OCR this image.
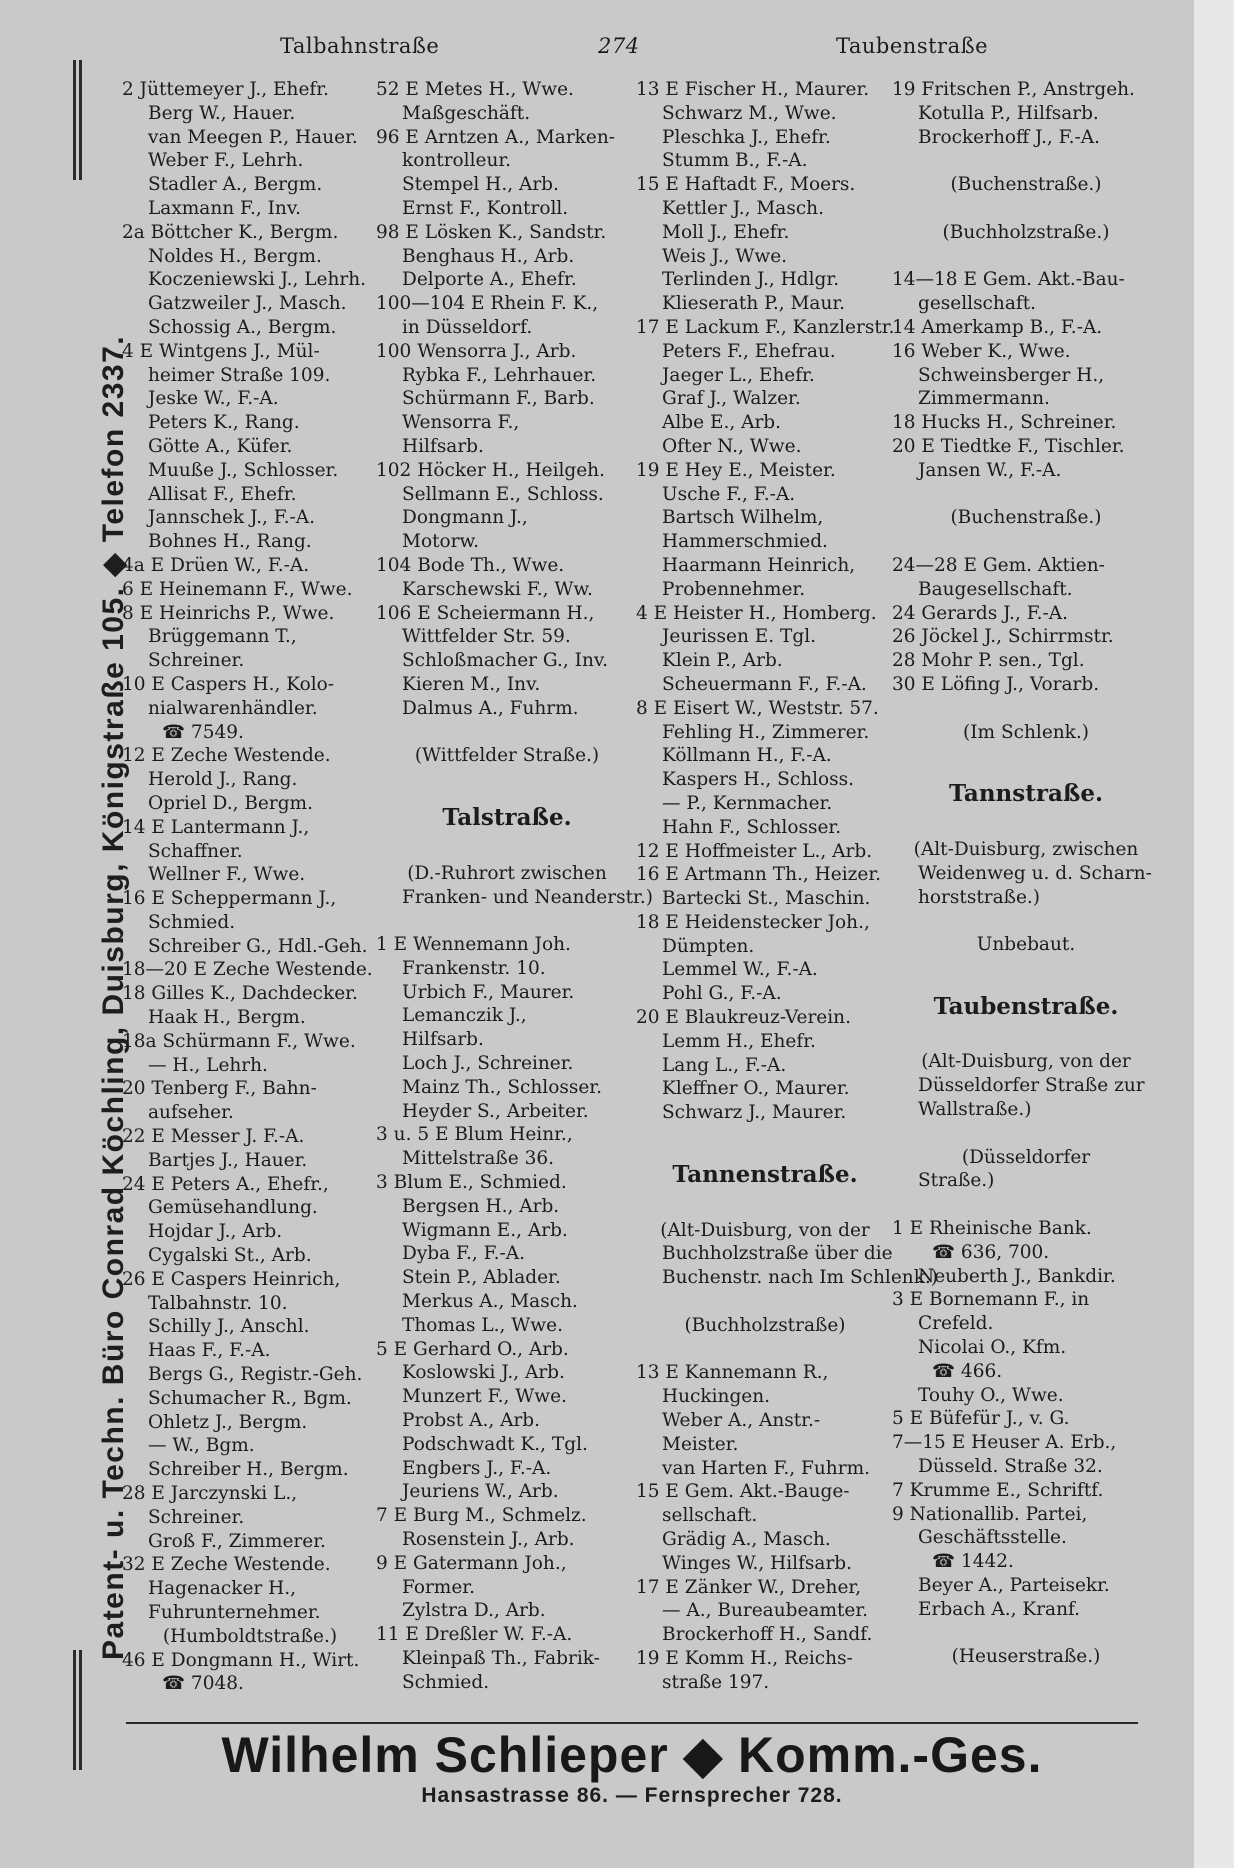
Talbahnstraße	274	Taubenstraße
Patent- u. Techn. Büro Conrad Köchling, Duisburg, Königstraße 105. ◆ Telefon 2337.
2 Jüttemeyer J., Ehefr.
Berg W., Hauer.
van Meegen P., Hauer.
Weber F., Lehrh.
Stadler A., Bergm.
Laxmann F., Inv.
2a Böttcher K., Bergm.
Noldes H., Bergm.
Koczeniewski J., Lehrh.
Gatzweiler J., Masch.
Schossig A., Bergm.
4 E Wintgens J., Mül-
heimer Straße 109.
Jeske W., F.-A.
Peters K., Rang.
Götte A., Küfer.
Muuße J., Schlosser.
Allisat F., Ehefr.
Jannschek J., F.-A.
Bohnes H., Rang.
4a E Drüen W., F.-A.
6 E Heinemann F., Wwe.
8 E Heinrichs P., Wwe.
Brüggemann T.,
Schreiner.
10 E Caspers H., Kolo-
nialwarenhändler.
☎ 7549.
12 E Zeche Westende.
Herold J., Rang.
Opriel D., Bergm.
14 E Lantermann J.,
Schaffner.
Wellner F., Wwe.
16 E Scheppermann J.,
Schmied.
Schreiber G., Hdl.-Geh.
18—20 E Zeche Westende.
18 Gilles K., Dachdecker.
Haak H., Bergm.
18a Schürmann F., Wwe.
— H., Lehrh.
20 Tenberg F., Bahn-
aufseher.
22 E Messer J. F.-A.
Bartjes J., Hauer.
24 E Peters A., Ehefr.,
Gemüsehandlung.
Hojdar J., Arb.
Cygalski St., Arb.
26 E Caspers Heinrich,
Talbahnstr. 10.
Schilly J., Anschl.
Haas F., F.-A.
Bergs G., Registr.-Geh.
Schumacher R., Bgm.
Ohletz J., Bergm.
— W., Bgm.
Schreiber H., Bergm.
28 E Jarczynski L.,
Schreiner.
Groß F., Zimmerer.
32 E Zeche Westende.
Hagenacker H.,
Fuhrunternehmer.
(Humboldtstraße.)
46 E Dongmann H., Wirt.
☎ 7048.
52 E Metes H., Wwe.
Maßgeschäft.
96 E Arntzen A., Marken-
kontrolleur.
Stempel H., Arb.
Ernst F., Kontroll.
98 E Lösken K., Sandstr.
Benghaus H., Arb.
Delporte A., Ehefr.
100—104 E Rhein F. K.,
in Düsseldorf.
100 Wensorra J., Arb.
Rybka F., Lehrhauer.
Schürmann F., Barb.
Wensorra F.,
Hilfsarb.
102 Höcker H., Heilgeh.
Sellmann E., Schloss.
Dongmann J.,
Motorw.
104 Bode Th., Wwe.
Karschewski F., Ww.
106 E Scheiermann H.,
Wittfelder Str. 59.
Schloßmacher G., Inv.
Kieren M., Inv.
Dalmus A., Fuhrm.
(Wittfelder Straße.)
Talstraße.
(D.-Ruhrort zwischen
Franken- und Neanderstr.)
1 E Wennemann Joh.
Frankenstr. 10.
Urbich F., Maurer.
Lemanczik J.,
Hilfsarb.
Loch J., Schreiner.
Mainz Th., Schlosser.
Heyder S., Arbeiter.
3 u. 5 E Blum Heinr.,
Mittelstraße 36.
3 Blum E., Schmied.
Bergsen H., Arb.
Wigmann E., Arb.
Dyba F., F.-A.
Stein P., Ablader.
Merkus A., Masch.
Thomas L., Wwe.
5 E Gerhard O., Arb.
Koslowski J., Arb.
Munzert F., Wwe.
Probst A., Arb.
Podschwadt K., Tgl.
Engbers J., F.-A.
Jeuriens W., Arb.
7 E Burg M., Schmelz.
Rosenstein J., Arb.
9 E Gatermann Joh.,
Former.
Zylstra D., Arb.
11 E Dreßler W. F.-A.
Kleinpaß Th., Fabrik-
Schmied.
13 E Fischer H., Maurer.
Schwarz M., Wwe.
Pleschka J., Ehefr.
Stumm B., F.-A.
15 E Haftadt F., Moers.
Kettler J., Masch.
Moll J., Ehefr.
Weis J., Wwe.
Terlinden J., Hdlgr.
Klieserath P., Maur.
17 E Lackum F., Kanzlerstr.
Peters F., Ehefrau.
Jaeger L., Ehefr.
Graf J., Walzer.
Albe E., Arb.
Ofter N., Wwe.
19 E Hey E., Meister.
Usche F., F.-A.
Bartsch Wilhelm,
Hammerschmied.
Haarmann Heinrich,
Probennehmer.
4 E Heister H., Homberg.
Jeurissen E. Tgl.
Klein P., Arb.
Scheuermann F., F.-A.
8 E Eisert W., Weststr. 57.
Fehling H., Zimmerer.
Köllmann H., F.-A.
Kaspers H., Schloss.
— P., Kernmacher.
Hahn F., Schlosser.
12 E Hoffmeister L., Arb.
16 E Artmann Th., Heizer.
Bartecki St., Maschin.
18 E Heidenstecker Joh.,
Dümpten.
Lemmel W., F.-A.
Pohl G., F.-A.
20 E Blaukreuz-Verein.
Lemm H., Ehefr.
Lang L., F.-A.
Kleffner O., Maurer.
Schwarz J., Maurer.
Tannenstraße.
(Alt-Duisburg, von der
Buchholzstraße über die
Buchenstr. nach Im Schlenk.)
(Buchholzstraße)
13 E Kannemann R.,
Huckingen.
Weber A., Anstr.-
Meister.
van Harten F., Fuhrm.
15 E Gem. Akt.-Bauge-
sellschaft.
Grädig A., Masch.
Winges W., Hilfsarb.
17 E Zänker W., Dreher,
— A., Bureaubeamter.
Brockerhoff H., Sandf.
19 E Komm H., Reichs-
straße 197.
19 Fritschen P., Anstrgeh.
Kotulla P., Hilfsarb.
Brockerhoff J., F.-A.
(Buchenstraße.)
(Buchholzstraße.)
14—18 E Gem. Akt.-Bau-
gesellschaft.
14 Amerkamp B., F.-A.
16 Weber K., Wwe.
Schweinsberger H.,
Zimmermann.
18 Hucks H., Schreiner.
20 E Tiedtke F., Tischler.
Jansen W., F.-A.
(Buchenstraße.)
24—28 E Gem. Aktien-
Baugesellschaft.
24 Gerards J., F.-A.
26 Jöckel J., Schirrmstr.
28 Mohr P. sen., Tgl.
30 E Löfing J., Vorarb.
(Im Schlenk.)
Tannstraße.
(Alt-Duisburg, zwischen
Weidenweg u. d. Scharn-
horststraße.)
Unbebaut.
Taubenstraße.
(Alt-Duisburg, von der
Düsseldorfer Straße zur
Wallstraße.)
(Düsseldorfer
Straße.)
1 E Rheinische Bank.
☎ 636, 700.
Neuberth J., Bankdir.
3 E Bornemann F., in
Crefeld.
Nicolai O., Kfm.
☎ 466.
Touhy O., Wwe.
5 E Büfefür J., v. G.
7—15 E Heuser A. Erb.,
Düsseld. Straße 32.
7 Krumme E., Schriftf.
9 Nationallib. Partei,
Geschäftsstelle.
☎ 1442.
Beyer A., Parteisekr.
Erbach A., Kranf.
(Heuserstraße.)
Wilhelm Schlieper ◆ Komm.-Ges.
Hansastrasse 86. — Fernsprecher 728.
